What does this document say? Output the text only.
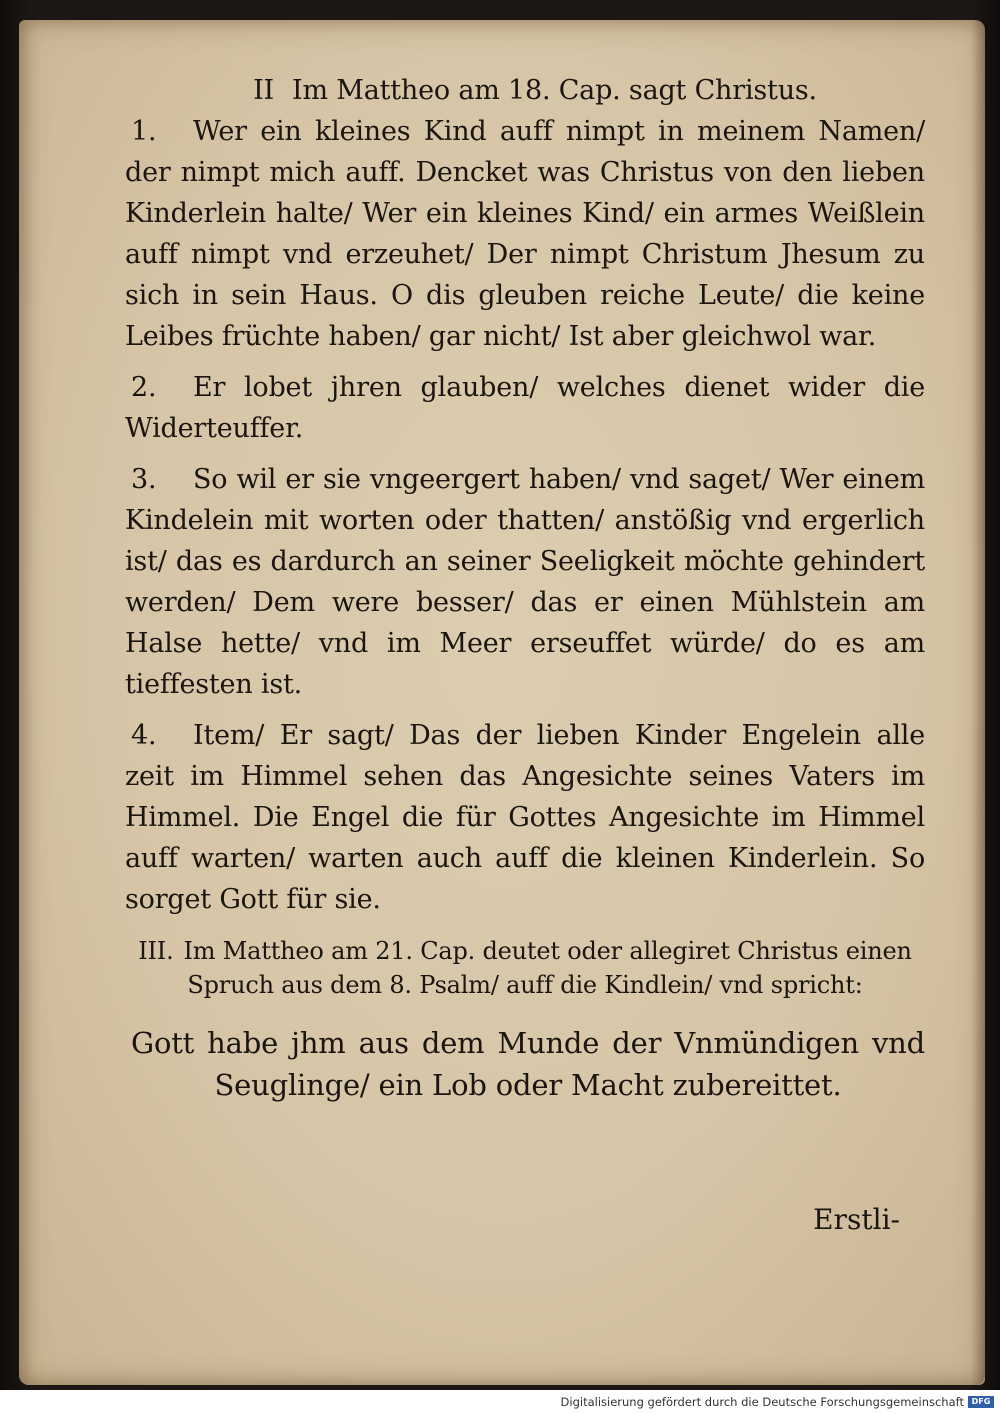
II Im Mattheo am 18. Cap. sagt Christus.

1. Wer ein kleines Kind auff nimpt in meinem Namen/ der nimpt mich auff. Dencket was Christus von den lieben Kinderlein halte/ Wer ein kleines Kind/ ein armes Weißlein auff nimpt vnd erzeuhet/ Der nimpt Christum Jhesum zu sich in sein Haus. O dis gleuben reiche Leute/ die keine Leibes früchte haben/ gar nicht/ Ist aber gleichwol war.

2. Er lobet jhren glauben/ welches dienet wider die Widerteuffer.

3. So wil er sie vngeergert haben/ vnd saget/ Wer einem Kindelein mit worten oder thatten/ anstößig vnd ergerlich ist/ das es dardurch an seiner Seeligkeit möchte gehindert werden/ Dem were besser/ das er einen Mühlstein am Halse hette/ vnd im Meer erseuffet würde/ do es am tieffesten ist.

4. Item/ Er sagt/ Das der lieben Kinder Engelein alle zeit im Himmel sehen das Angesichte seines Vaters im Himmel. Die Engel die für Gottes Angesichte im Himmel auff warten/ warten auch auff die kleinen Kinderlein. So sorget Gott für sie.

III. Im Mattheo am 21. Cap. deutet oder allegiret Christus einen Spruch aus dem 8. Psalm/ auff die Kindlein/ vnd spricht:
Gott habe jhm aus dem Munde der Vnmündigen vnd Seuglinge/ ein Lob oder Macht zubereittet.
Erstli-
Digitalisierung gefördert durch die Deutsche Forschungsgemeinschaft DFG
